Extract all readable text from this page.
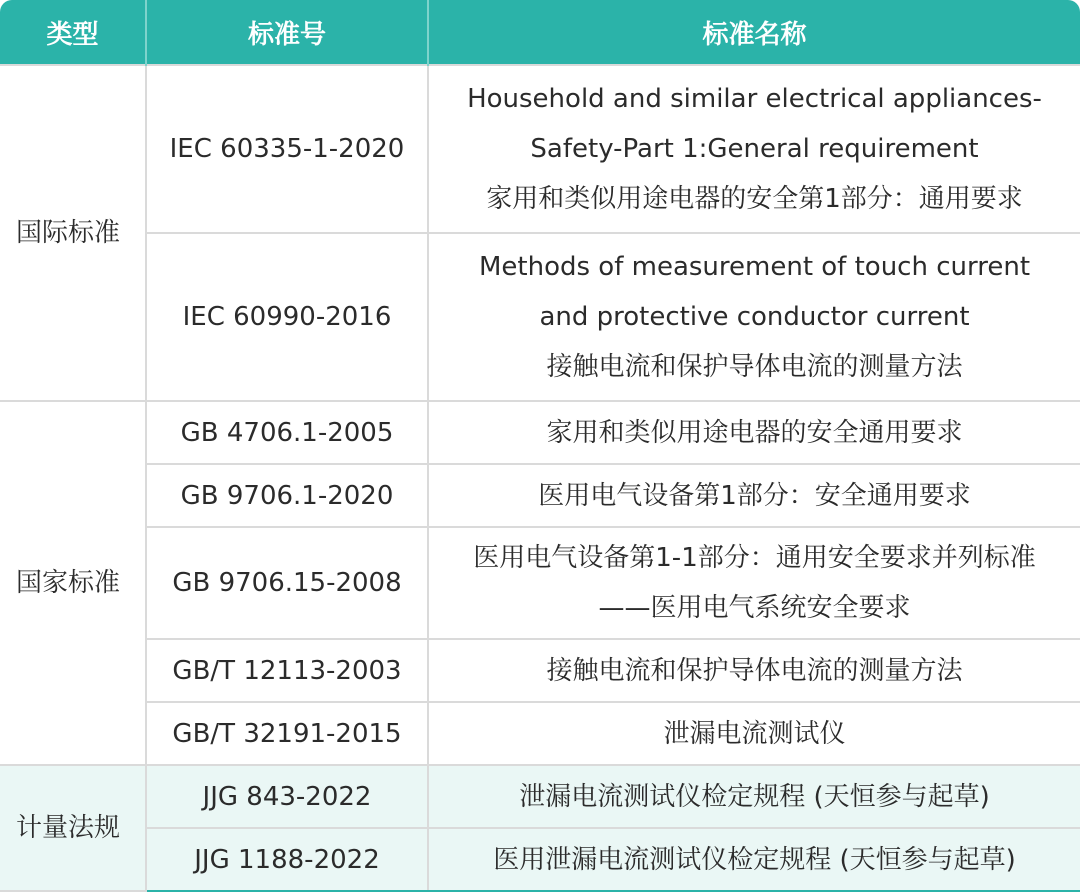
类型	标准号	标准名称
国际标准	IEC 60335-1-2020	Household and similar electrical appliances-
Safety-Part 1:General requirement
家用和类似用途电器的安全第1部分：通用要求

	IEC 60990-2016	Methods of measurement of touch current
and protective conductor current
接触电流和保护导体电流的测量方法

国家标准	GB 4706.1-2005	家用和类似用途电器的安全通用要求

	GB 9706.1-2020	医用电气设备第1部分：安全通用要求

	GB 9706.15-2008	医用电气设备第1-1部分：通用安全要求并列标准
——医用电气系统安全要求

	GB/T 12113-2003	接触电流和保护导体电流的测量方法

	GB/T 32191-2015	泄漏电流测试仪

计量法规	JJG 843-2022	泄漏电流测试仪检定规程 (天恒参与起草)

	JJG 1188-2022	医用泄漏电流测试仪检定规程 (天恒参与起草)
